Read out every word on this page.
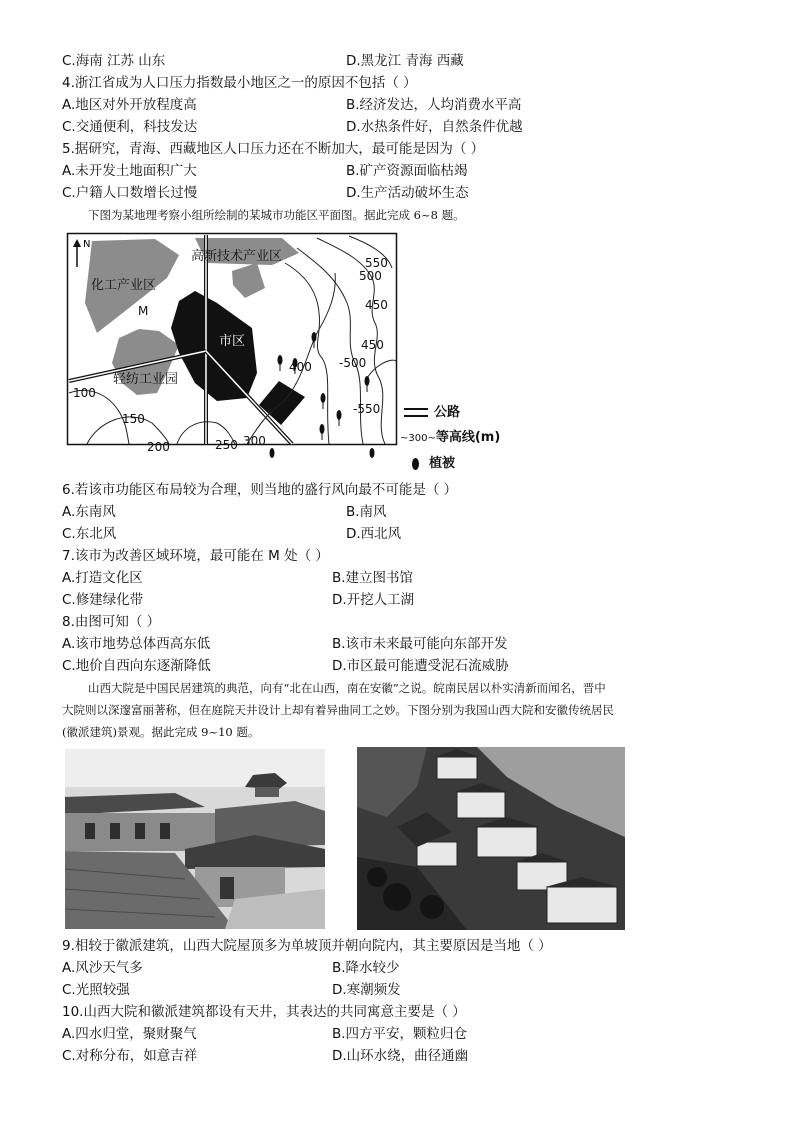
C.海南 江苏 山东	D.黑龙江 青海 西藏
4.浙江省成为人口压力指数最小地区之一的原因不包括（ ）
A.地区对外开放程度高	B.经济发达，人均消费水平高
C.交通便利，科技发达	D.水热条件好，自然条件优越
5.据研究，青海、西藏地区人口压力还在不断加大，最可能是因为（ ）
A.未开发土地面积广大	B.矿产资源面临枯竭
C.户籍人口数增长过慢	D.生产活动破坏生态
下图为某地理考察小组所绘制的某城市功能区平面图。据此完成 6~8 题。
N
高新技术产业区
化工产业区
M
轻纺工业园
市区
100
150
200	250 300
400
450
450
500
-500
550
-550	公路
~300~等高线(m)
植被
6.若该市功能区布局较为合理，则当地的盛行风向最不可能是（ ）
A.东南风	B.南风
C.东北风	D.西北风
7.该市为改善区域环境，最可能在 M 处（ ）
A.打造文化区	B.建立图书馆
C.修建绿化带	D.开挖人工湖
8.由图可知（ ）
A.该市地势总体西高东低	B.该市未来最可能向东部开发
C.地价自西向东逐渐降低	D.市区最可能遭受泥石流威胁
山西大院是中国民居建筑的典范，向有“北在山西，南在安徽”之说。皖南民居以朴实清新而闻名，晋中
大院则以深邃富丽著称，但在庭院天井设计上却有着异曲同工之妙。下图分别为我国山西大院和安徽传统居民
(徽派建筑)景观。据此完成 9~10 题。
9.相较于徽派建筑，山西大院屋顶多为单坡顶并朝向院内，其主要原因是当地（ ）
A.风沙天气多	B.降水较少
C.光照较强	D.寒潮频发
10.山西大院和徽派建筑都设有天井，其表达的共同寓意主要是（ ）
A.四水归堂，聚财聚气	B.四方平安，颗粒归仓
C.对称分布，如意吉祥	D.山环水绕，曲径通幽
